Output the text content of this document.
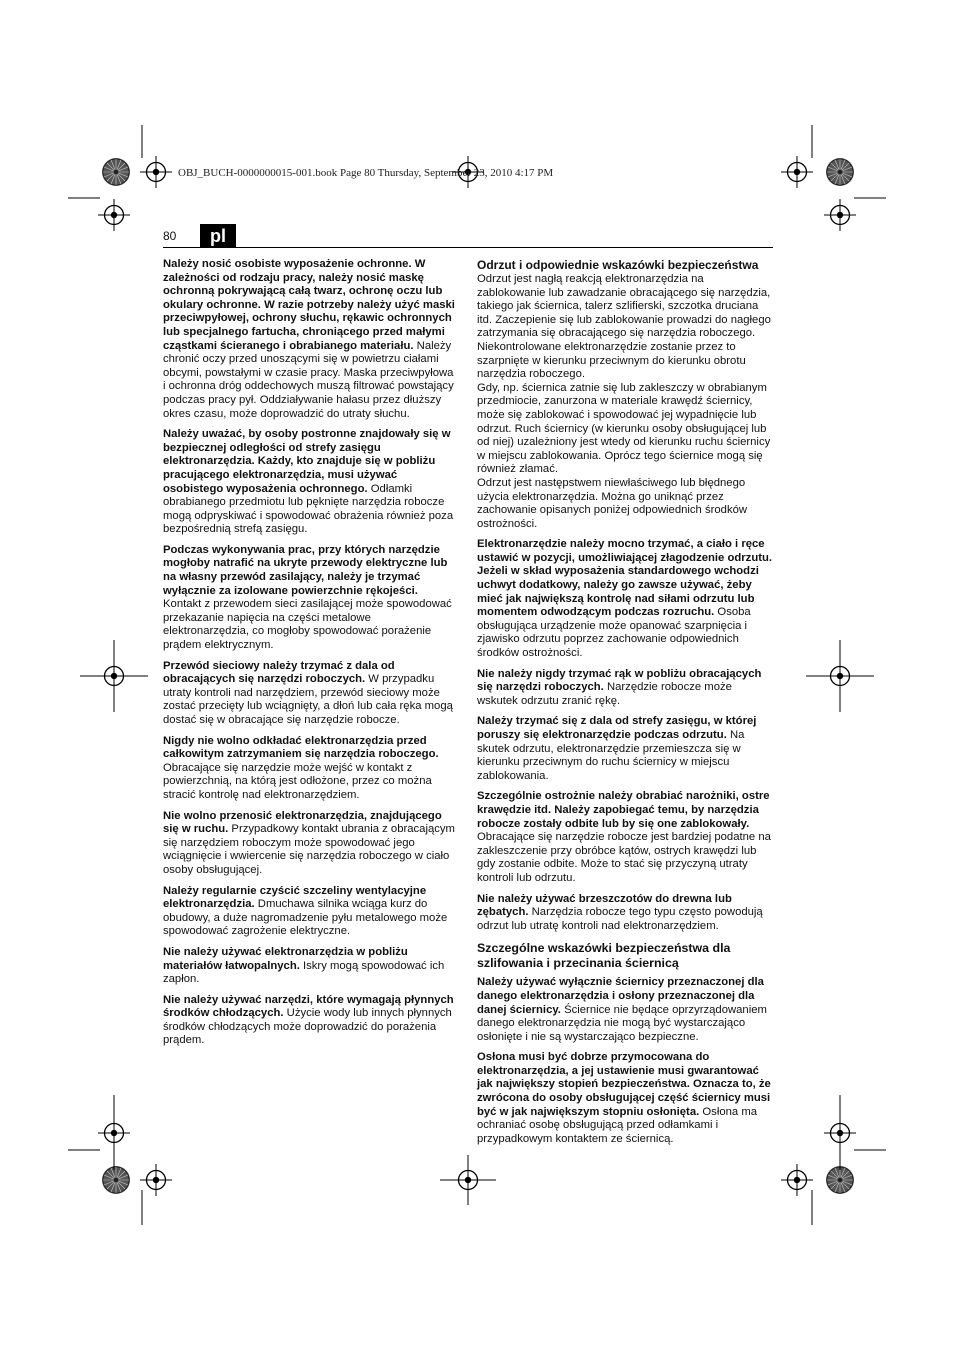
OBJ_BUCH-0000000015-001.book Page 80 Thursday, September 23, 2010 4:17 PM
80	pl

Należy nosić osobiste wyposażenie ochronne. W zależności od rodzaju pracy, należy nosić maskę ochronną pokrywającą całą twarz, ochronę oczu lub okulary ochronne. W razie potrzeby należy użyć maski przeciwpyłowej, ochrony słuchu, rękawic ochronnych lub specjalnego fartucha, chroniącego przed małymi cząstkami ścieranego i obrabianego materiału. Należy chronić oczy przed unoszącymi się w powietrzu ciałami obcymi, powstałymi w czasie pracy. Maska przeciwpyłowa i ochronna dróg oddechowych muszą filtrować powstający podczas pracy pył. Oddziaływanie hałasu przez dłuższy okres czasu, może doprowadzić do utraty słuchu.

Należy uważać, by osoby postronne znajdowały się w bezpiecznej odległości od strefy zasięgu elektronarzędzia. Każdy, kto znajduje się w pobliżu pracującego elektronarzędzia, musi używać osobistego wyposażenia ochronnego. Odłamki obrabianego przedmiotu lub pęknięte narzędzia robocze mogą odpryskiwać i spowodować obrażenia również poza bezpośrednią strefą zasięgu.

Podczas wykonywania prac, przy których narzędzie mogłoby natrafić na ukryte przewody elektryczne lub na własny przewód zasilający, należy je trzymać wyłącznie za izolowane powierzchnie rękojeści. Kontakt z przewodem sieci zasilającej może spowodować przekazanie napięcia na części metalowe elektronarzędzia, co mogłoby spowodować porażenie prądem elektrycznym.

Przewód sieciowy należy trzymać z dala od obracających się narzędzi roboczych. W przypadku utraty kontroli nad narzędziem, przewód sieciowy może zostać przecięty lub wciągnięty, a dłoń lub cała ręka mogą dostać się w obracające się narzędzie robocze.

Nigdy nie wolno odkładać elektronarzędzia przed całkowitym zatrzymaniem się narzędzia roboczego. Obracające się narzędzie może wejść w kontakt z powierzchnią, na którą jest odłożone, przez co można stracić kontrolę nad elektronarzędziem.

Nie wolno przenosić elektronarzędzia, znajdującego się w ruchu. Przypadkowy kontakt ubrania z obracającym się narzędziem roboczym może spowodować jego wciągnięcie i wwiercenie się narzędzia roboczego w ciało osoby obsługującej.

Należy regularnie czyścić szczeliny wentylacyjne elektronarzędzia. Dmuchawa silnika wciąga kurz do obudowy, a duże nagromadzenie pyłu metalowego może spowodować zagrożenie elektryczne.

Nie należy używać elektronarzędzia w pobliżu materiałów łatwopalnych. Iskry mogą spowodować ich zapłon.

Nie należy używać narzędzi, które wymagają płynnych środków chłodzących. Użycie wody lub innych płynnych środków chłodzących może doprowadzić do porażenia prądem.

Odrzut i odpowiednie wskazówki bezpieczeństwa

Odrzut jest nagłą reakcją elektronarzędzia na zablokowanie lub zawadzanie obracającego się narzędzia, takiego jak ściernica, talerz szlifierski, szczotka druciana itd. Zaczepienie się lub zablokowanie prowadzi do nagłego zatrzymania się obracającego się narzędzia roboczego. Niekontrolowane elektronarzędzie zostanie przez to szarpnięte w kierunku przeciwnym do kierunku obrotu narzędzia roboczego.

Gdy, np. ściernica zatnie się lub zakleszczy w obrabianym przedmiocie, zanurzona w materiale krawędź ściernicy, może się zablokować i spowodować jej wypadnięcie lub odrzut. Ruch ściernicy (w kierunku osoby obsługującej lub od niej) uzależniony jest wtedy od kierunku ruchu ściernicy w miejscu zablokowania. Oprócz tego ściernice mogą się również złamać.

Odrzut jest następstwem niewłaściwego lub błędnego użycia elektronarzędzia. Można go uniknąć przez zachowanie opisanych poniżej odpowiednich środków ostrożności.

Elektronarzędzie należy mocno trzymać, a ciało i ręce ustawić w pozycji, umożliwiającej złagodzenie odrzutu. Jeżeli w skład wyposażenia standardowego wchodzi uchwyt dodatkowy, należy go zawsze używać, żeby mieć jak największą kontrolę nad siłami odrzutu lub momentem odwodzącym podczas rozruchu. Osoba obsługująca urządzenie może opanować szarpnięcia i zjawisko odrzutu poprzez zachowanie odpowiednich środków ostrożności.

Nie należy nigdy trzymać rąk w pobliżu obracających się narzędzi roboczych. Narzędzie robocze może wskutek odrzutu zranić rękę.

Należy trzymać się z dala od strefy zasięgu, w której poruszy się elektronarzędzie podczas odrzutu. Na skutek odrzutu, elektronarzędzie przemieszcza się w kierunku przeciwnym do ruchu ściernicy w miejscu zablokowania.

Szczególnie ostrożnie należy obrabiać narożniki, ostre krawędzie itd. Należy zapobiegać temu, by narzędzia robocze zostały odbite lub by się one zablokowały. Obracające się narzędzie robocze jest bardziej podatne na zakleszczenie przy obróbce kątów, ostrych krawędzi lub gdy zostanie odbite. Może to stać się przyczyną utraty kontroli lub odrzutu.

Nie należy używać brzeszczotów do drewna lub zębatych. Narzędzia robocze tego typu często powodują odrzut lub utratę kontroli nad elektronarzędziem.

Szczególne wskazówki bezpieczeństwa dla szlifowania i przecinania ściernicą

Należy używać wyłącznie ściernicy przeznaczonej dla danego elektronarzędzia i osłony przeznaczonej dla danej ściernicy. Ściernice nie będące oprzyrządowaniem danego elektronarzędzia nie mogą być wystarczająco osłonięte i nie są wystarczająco bezpieczne.

Osłona musi być dobrze przymocowana do elektronarzędzia, a jej ustawienie musi gwarantować jak największy stopień bezpieczeństwa. Oznacza to, że zwrócona do osoby obsługującej część ściernicy musi być w jak największym stopniu osłonięta. Osłona ma ochraniać osobę obsługującą przed odłamkami i przypadkowym kontaktem ze ściernicą.
